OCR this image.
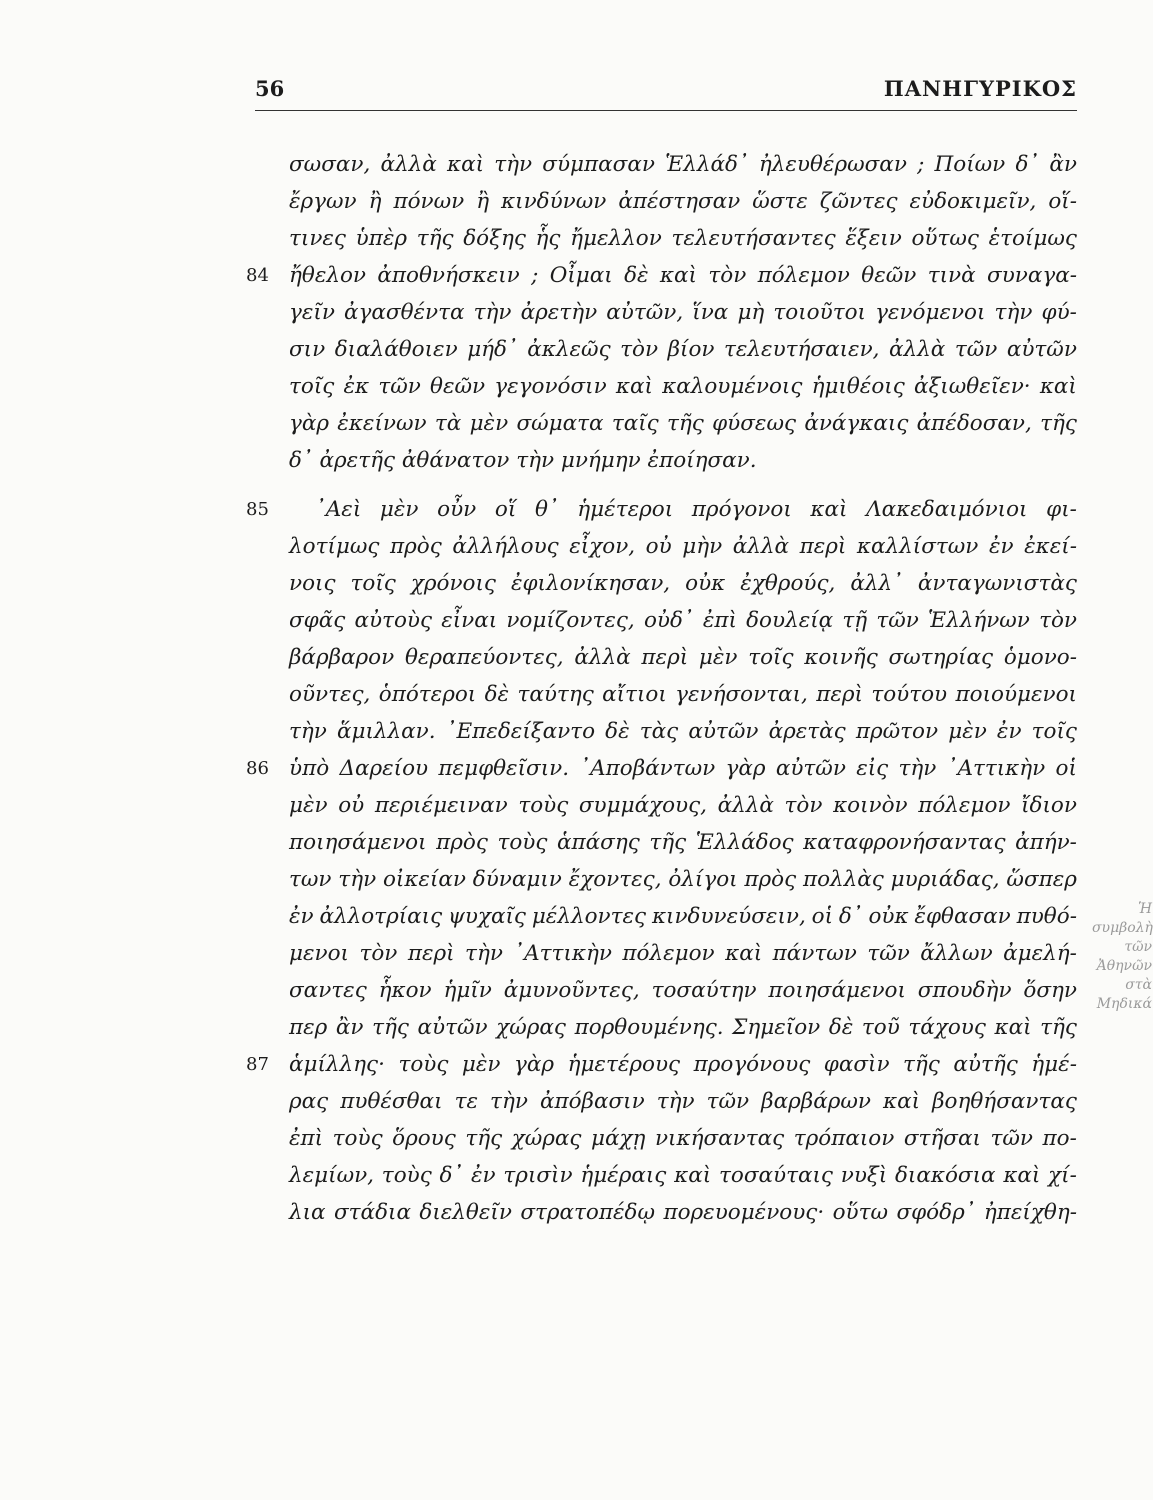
56	ΠΑΝΗΓΥΡΙΚΟΣ
σωσαν, ἀλλὰ καὶ τὴν σύμπασαν Ἑλλάδ᾽ ἠλευθέρωσαν ; Ποίων δ᾽ ἂν
ἔργων ἢ πόνων ἢ κινδύνων ἀπέστησαν ὥστε ζῶντες εὐδοκιμεῖν, οἵ-
τινες ὑπὲρ τῆς δόξης ἧς ἤμελλον τελευτήσαντες ἕξειν οὕτως ἑτοίμως
84 ἤθελον ἀποθνήσκειν ; Οἶμαι δὲ καὶ τὸν πόλεμον θεῶν τινὰ συναγα-
γεῖν ἀγασθέντα τὴν ἀρετὴν αὐτῶν, ἵνα μὴ τοιοῦτοι γενόμενοι τὴν φύ-
σιν διαλάθοιεν μήδ᾽ ἀκλεῶς τὸν βίον τελευτήσαιεν, ἀλλὰ τῶν αὐτῶν
τοῖς ἐκ τῶν θεῶν γεγονόσιν καὶ καλουμένοις ἡμιθέοις ἀξιωθεῖεν· καὶ
γὰρ ἐκείνων τὰ μὲν σώματα ταῖς τῆς φύσεως ἀνάγκαις ἀπέδοσαν, τῆς
δ᾽ ἀρετῆς ἀθάνατον τὴν μνήμην ἐποίησαν.
85 ᾽Αεὶ μὲν οὖν οἵ θ᾽ ἡμέτεροι πρόγονοι καὶ Λακεδαιμόνιοι φι-
λοτίμως πρὸς ἀλλήλους εἶχον, οὐ μὴν ἀλλὰ περὶ καλλίστων ἐν ἐκεί-
νοις τοῖς χρόνοις ἐφιλονίκησαν, οὐκ ἐχθρούς, ἀλλ᾽ ἀνταγωνιστὰς
σφᾶς αὐτοὺς εἶναι νομίζοντες, οὐδ᾽ ἐπὶ δουλείᾳ τῇ τῶν Ἑλλήνων τὸν
βάρβαρον θεραπεύοντες, ἀλλὰ περὶ μὲν τοῖς κοινῆς σωτηρίας ὁμονο-
οῦντες, ὁπότεροι δὲ ταύτης αἴτιοι γενήσονται, περὶ τούτου ποιούμενοι
τὴν ἅμιλλαν. ᾽Επεδείξαντο δὲ τὰς αὐτῶν ἀρετὰς πρῶτον μὲν ἐν τοῖς
86 ὑπὸ Δαρείου πεμφθεῖσιν. ᾽Αποβάντων γὰρ αὐτῶν εἰς τὴν ᾽Αττικὴν οἱ
μὲν οὐ περιέμειναν τοὺς συμμάχους, ἀλλὰ τὸν κοινὸν πόλεμον ἴδιον
ποιησάμενοι πρὸς τοὺς ἁπάσης τῆς Ἑλλάδος καταφρονήσαντας ἀπήν-
των τὴν οἰκείαν δύναμιν ἔχοντες, ὀλίγοι πρὸς πολλὰς μυριάδας, ὥσπερ
ἐν ἀλλοτρίαις ψυχαῖς μέλλοντες κινδυνεύσειν, οἱ δ᾽ οὐκ ἔφθασαν πυθό-
μενοι τὸν περὶ τὴν ᾽Αττικὴν πόλεμον καὶ πάντων τῶν ἄλλων ἀμελή-
σαντες ἧκον ἡμῖν ἀμυνοῦντες, τοσαύτην ποιησάμενοι σπουδὴν ὅσην
περ ἂν τῆς αὐτῶν χώρας πορθουμένης. Σημεῖον δὲ τοῦ τάχους καὶ τῆς
87 ἁμίλλης· τοὺς μὲν γὰρ ἡμετέρους προγόνους φασὶν τῆς αὐτῆς ἡμέ-
ρας πυθέσθαι τε τὴν ἀπόβασιν τὴν τῶν βαρβάρων καὶ βοηθήσαντας
ἐπὶ τοὺς ὅρους τῆς χώρας μάχῃ νικήσαντας τρόπαιον στῆσαι τῶν πο-
λεμίων, τοὺς δ᾽ ἐν τρισὶν ἡμέραις καὶ τοσαύταις νυξὶ διακόσια καὶ χί-
λια στάδια διελθεῖν στρατοπέδῳ πορευομένους· οὕτω σφόδρ᾽ ἠπείχθη-
Ἡ συμβολὴ τῶν Ἀθηνῶν στὰ Μηδικά
